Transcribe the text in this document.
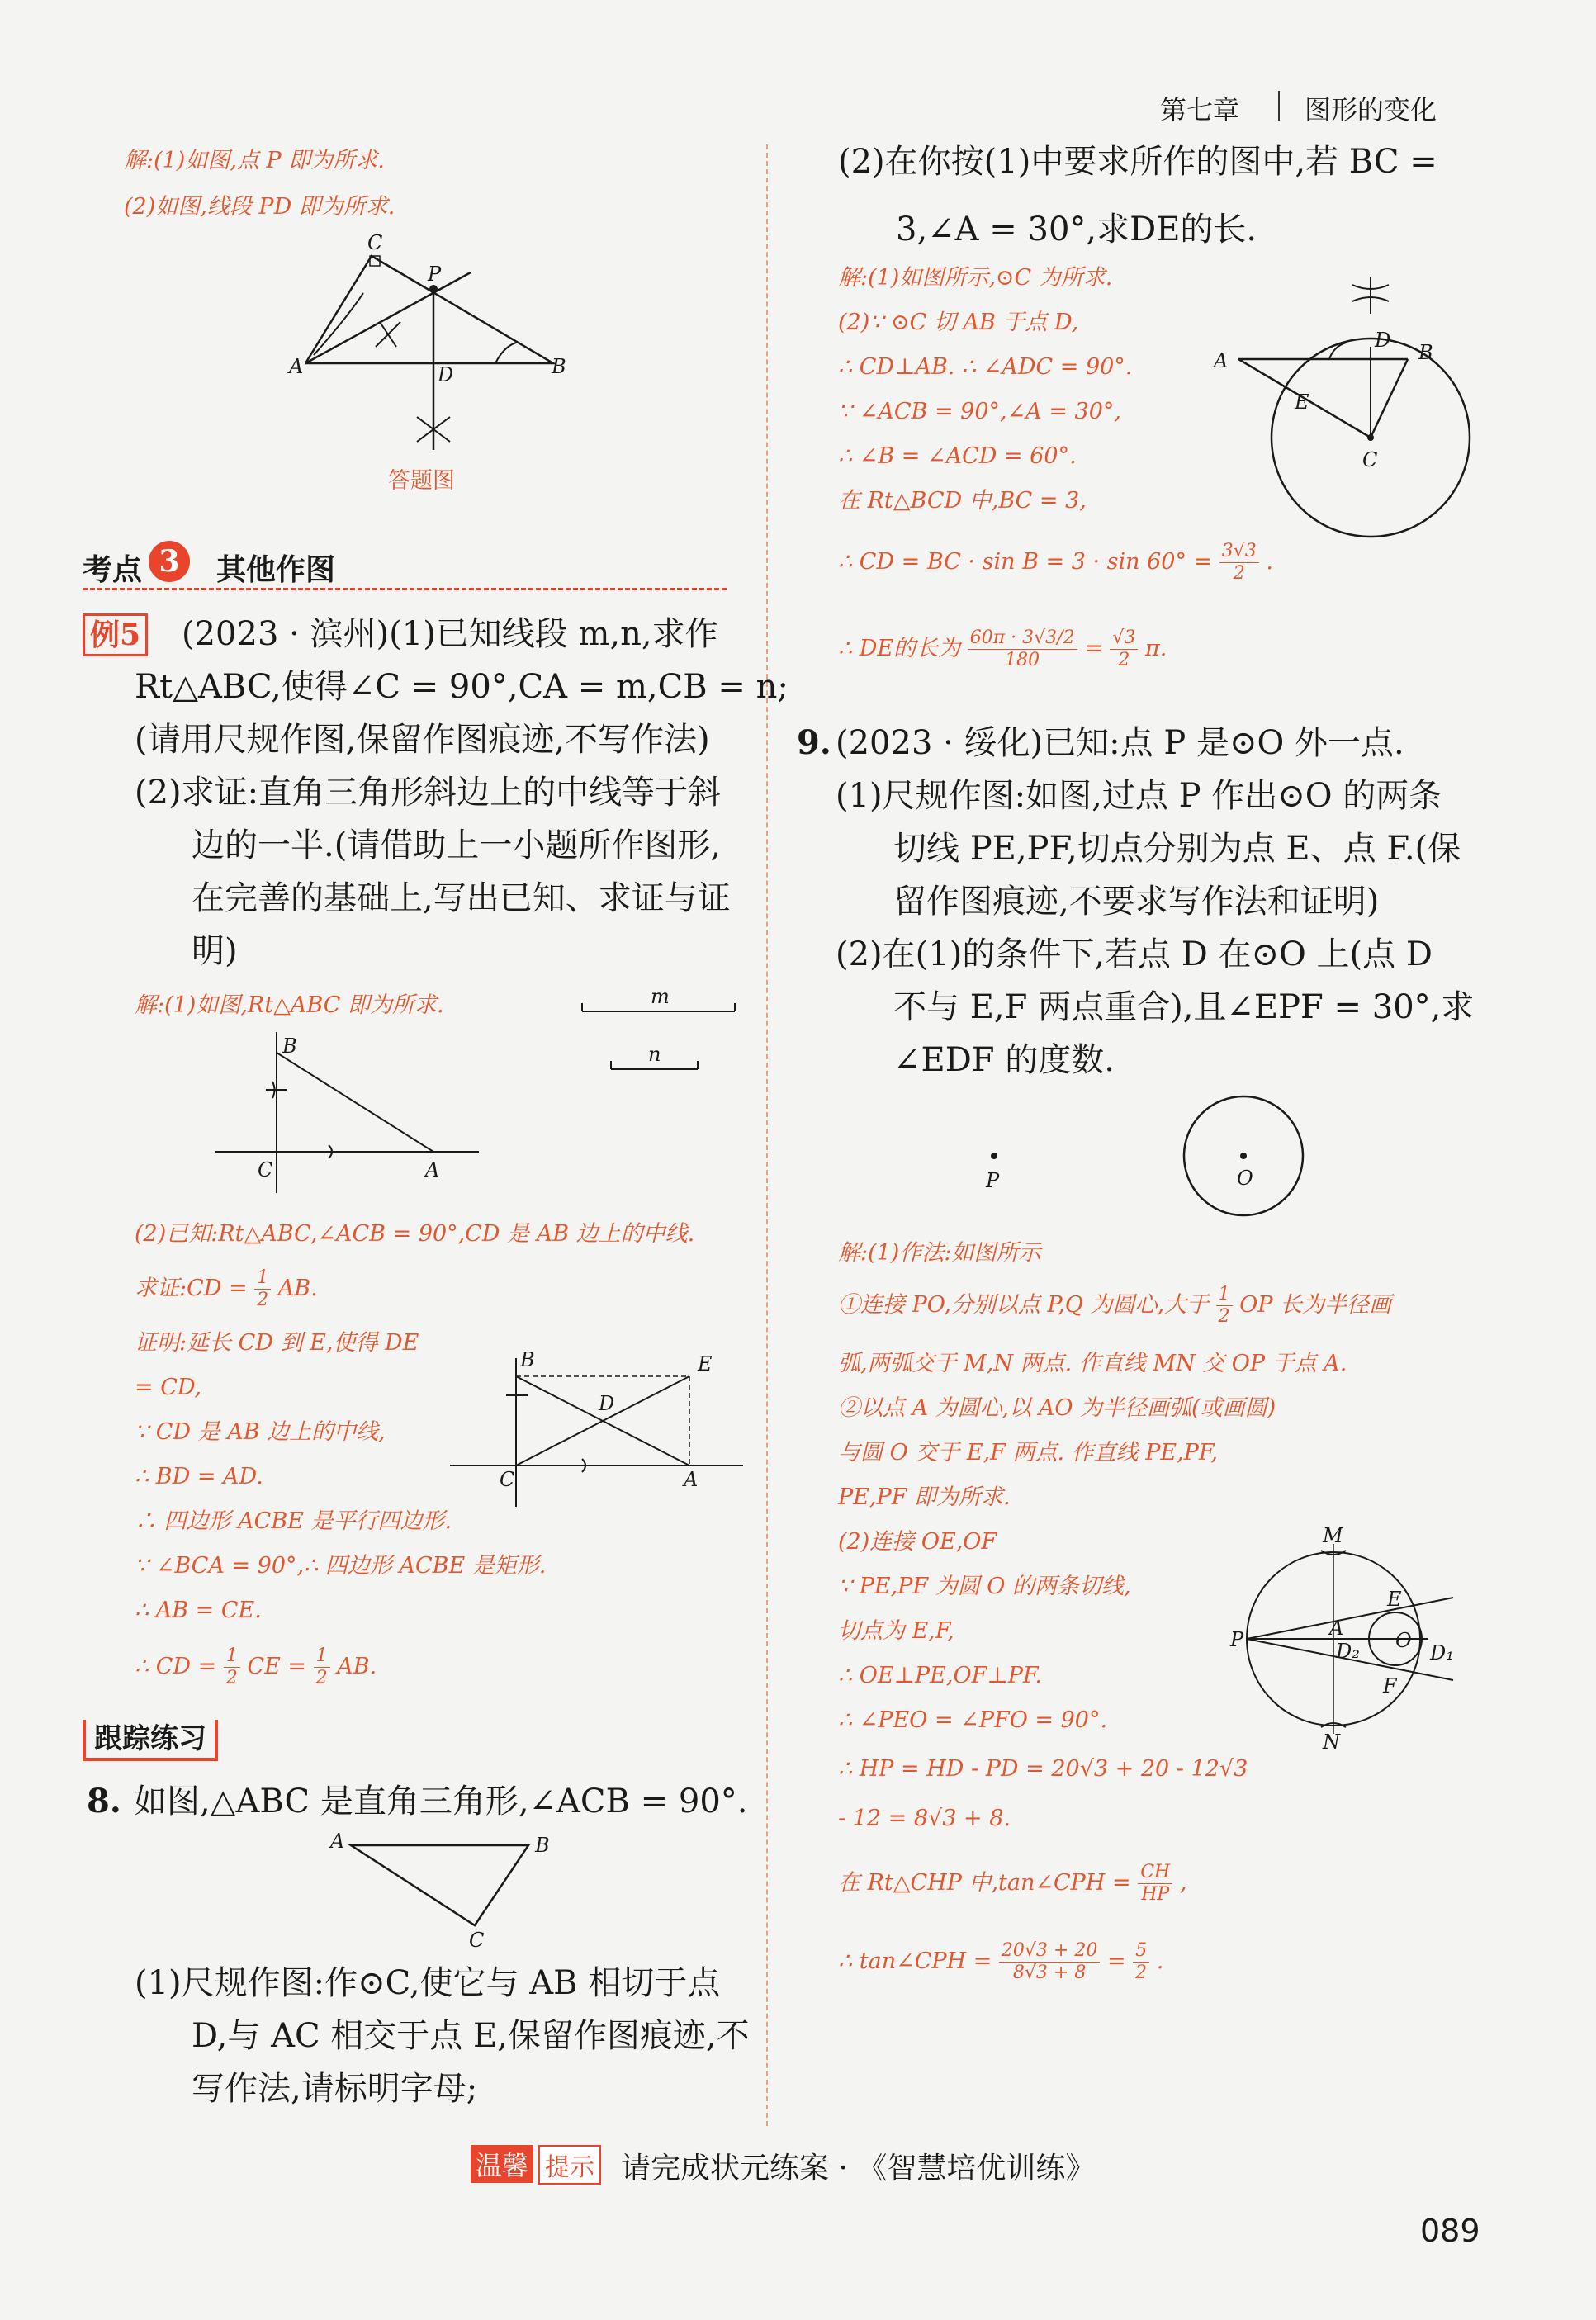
第七章 图形的变化
解:(1)如图,点 P 即为所求.
(2)如图,线段 PD 即为所求.
C
P
A	B
D
答题图
考点 3	其他作图
例5 (2023 · 滨州)(1)已知线段 m,n,求作
Rt△ABC,使得∠C = 90°,CA = m,CB = n;
(请用尺规作图,保留作图痕迹,不写作法)
(2)求证:直角三角形斜边上的中线等于斜
边的一半.(请借助上一小题所作图形,
在完善的基础上,写出已知、求证与证
明)
解:(1)如图,Rt△ABC 即为所求.	m
n
B
C	A
(2)已知:Rt△ABC,∠ACB = 90°,CD 是 AB 边上的中线.
求证:CD = $\frac{1}{2}$ AB.
证明:延长 CD 到 E,使得 DE
= CD,
∵ CD 是 AB 边上的中线,
∴ BD = AD.
∴ 四边形 ACBE 是平行四边形.
∵ ∠BCA = 90°,∴ 四边形 ACBE 是矩形.
∴ AB = CE.
∴ CD = $\frac{1}{2}$ CE = $\frac{1}{2}$ AB.
B	E
D
C	A
跟踪练习
8. 如图,△ABC 是直角三角形,∠ACB = 90°.
A	B
C
(1)尺规作图:作⊙C,使它与 AB 相切于点
D,与 AC 相交于点 E,保留作图痕迹,不
写作法,请标明字母;
(2)在你按(1)中要求所作的图中,若 BC =
3,∠A = 30°,求DE的长.
解:(1)如图所示,⊙C 为所求.
(2)∵ ⊙C 切 AB 于点 D,
∴ CD⊥AB. ∴ ∠ADC = 90°.
∵ ∠ACB = 90°,∠A = 30°,
∴ ∠B = ∠ACD = 60°.
在 Rt△BCD 中,BC = 3,
∴ CD = BC · $\sin B = 3 \cdot \sin 60^\circ = \frac{3√3}{2}$ .
∴ DE的长为 $\frac{60\pi \cdot 3√3/2}{180} = \frac{√3}{2} \pi$.
A	B
D
E
C
9. (2023 · 绥化)已知:点 P 是⊙O 外一点.
(1)尺规作图:如图,过点 P 作出⊙O 的两条
切线 PE,PF,切点分别为点 E、点 F.(保
留作图痕迹,不要求写作法和证明)
(2)在(1)的条件下,若点 D 在⊙O 上(点 D
不与 E,F 两点重合),且∠EPF = 30°,求
∠EDF 的度数.
P	O
解:(1)作法:如图所示
①连接 PO,分别以点 P,Q 为圆心,大于 $\frac{1}{2}$ OP 长为半径画
弧,两弧交于 M,N 两点. 作直线 MN 交 OP 于点 A.
②以点 A 为圆心,以 AO 为半径画弧(或画圆)
与圆 O 交于 E,F 两点. 作直线 PE,PF,
PE,PF 即为所求.
(2)连接 OE,OF
∵ PE,PF 为圆 O 的两条切线,
切点为 E,F,
∴ OE⊥PE,OF⊥PF.
∴ ∠PEO = ∠PFO = 90°.
∴ HP = HD - PD = 20√3 + 20 - 12√3
- 12 = 8√3 + 8.
在 Rt△CHP 中,tan∠CPH = $\frac{CH}{HP}$ ,
∴ tan∠CPH = $\frac{20√3 + 20}{8√3 + 8} = \frac{5}{2}$ .
M
P
E
F
O
A
D₂	D₁
N
温馨 提示 请完成状元练案 · 《智慧培优训练》
089
